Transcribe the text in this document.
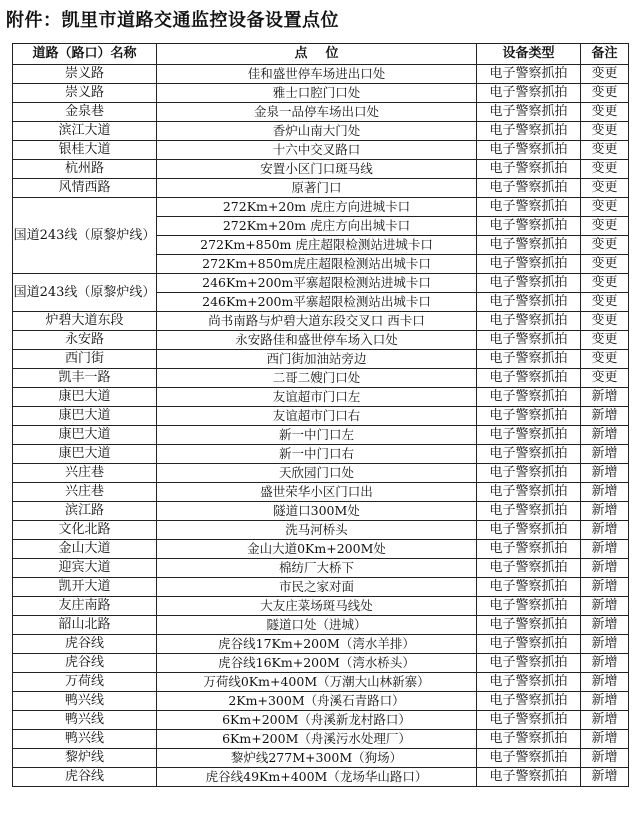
附件：凯里市道路交通监控设备设置点位
道路（路口）名称	点    位	设备类型	备注
崇义路	佳和盛世停车场进出口处	电子警察抓拍	变更
崇义路	雅士口腔门口处	电子警察抓拍	变更
金泉巷	金泉一品停车场出口处	电子警察抓拍	变更
滨江大道	香炉山南大门处	电子警察抓拍	变更
银桂大道	十六中交叉路口	电子警察抓拍	变更
杭州路	安置小区门口斑马线	电子警察抓拍	变更
风情西路	原著门口	电子警察抓拍	变更
国道243线（原黎炉线）	272Km+20m 虎庄方向进城卡口	电子警察抓拍	变更
	272Km+20m 虎庄方向出城卡口	电子警察抓拍	变更
	272Km+850m 虎庄超限检测站进城卡口	电子警察抓拍	变更
	272Km+850m虎庄超限检测站出城卡口	电子警察抓拍	变更
国道243线（原黎炉线）	246Km+200m平寨超限检测站进城卡口	电子警察抓拍	变更
	246Km+200m平寨超限检测站出城卡口	电子警察抓拍	变更
炉碧大道东段	尚书南路与炉碧大道东段交叉口 西卡口	电子警察抓拍	变更
永安路	永安路佳和盛世停车场入口处	电子警察抓拍	变更
西门街	西门街加油站旁边	电子警察抓拍	变更
凯丰一路	二哥二嫂门口处	电子警察抓拍	变更
康巴大道	友谊超市门口左	电子警察抓拍	新增
康巴大道	友谊超市门口右	电子警察抓拍	新增
康巴大道	新一中门口左	电子警察抓拍	新增
康巴大道	新一中门口右	电子警察抓拍	新增
兴庄巷	天欣园门口处	电子警察抓拍	新增
兴庄巷	盛世荣华小区门口出	电子警察抓拍	新增
滨江路	隧道口300M处	电子警察抓拍	新增
文化北路	洗马河桥头	电子警察抓拍	新增
金山大道	金山大道0Km+200M处	电子警察抓拍	新增
迎宾大道	棉纺厂大桥下	电子警察抓拍	新增
凯开大道	市民之家对面	电子警察抓拍	新增
友庄南路	大友庄菜场斑马线处	电子警察抓拍	新增
韶山北路	隧道口处（进城）	电子警察抓拍	新增
虎谷线	虎谷线17Km+200M（湾水羊排）	电子警察抓拍	新增
虎谷线	虎谷线16Km+200M（湾水桥头）	电子警察抓拍	新增
万荷线	万荷线0Km+400M（万潮大山林新寨）	电子警察抓拍	新增
鸭兴线	2Km+300M（舟溪石青路口）	电子警察抓拍	新增
鸭兴线	6Km+200M（舟溪新龙村路口）	电子警察抓拍	新增
鸭兴线	6Km+200M（舟溪污水处理厂）	电子警察抓拍	新增
黎炉线	黎炉线277M+300M（狗场）	电子警察抓拍	新增
虎谷线	虎谷线49Km+400M（龙场华山路口）	电子警察抓拍	新增
